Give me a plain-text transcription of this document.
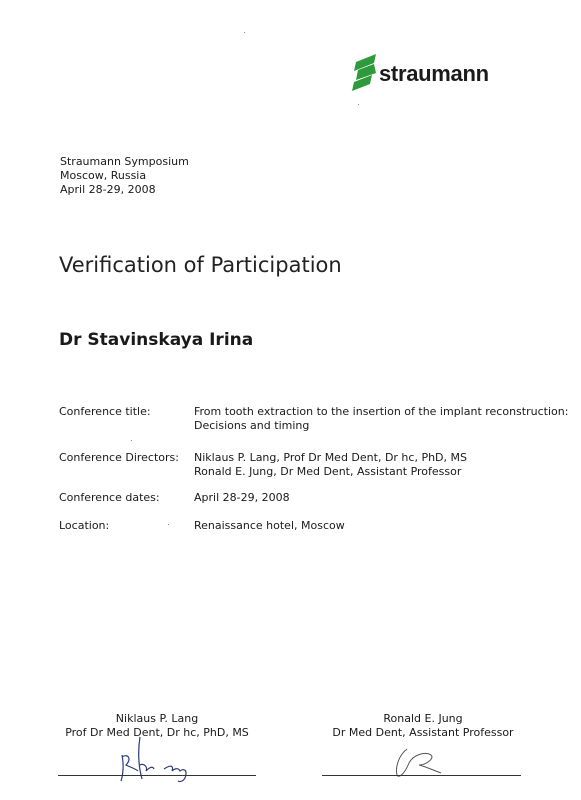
straumann
Straumann Symposium
Moscow, Russia
April 28-29, 2008
Verification of Participation
Dr Stavinskaya Irina
Conference title:	From tooth extraction to the insertion of the implant reconstruction:
Decisions and timing
Conference Directors: Niklaus P. Lang, Prof Dr Med Dent, Dr hc, PhD, MS
Ronald E. Jung, Dr Med Dent, Assistant Professor
Conference dates:	April 28-29, 2008
Location:	Renaissance hotel, Moscow
Niklaus P. Lang
Prof Dr Med Dent, Dr hc, PhD, MS
Ronald E. Jung
Dr Med Dent, Assistant Professor
